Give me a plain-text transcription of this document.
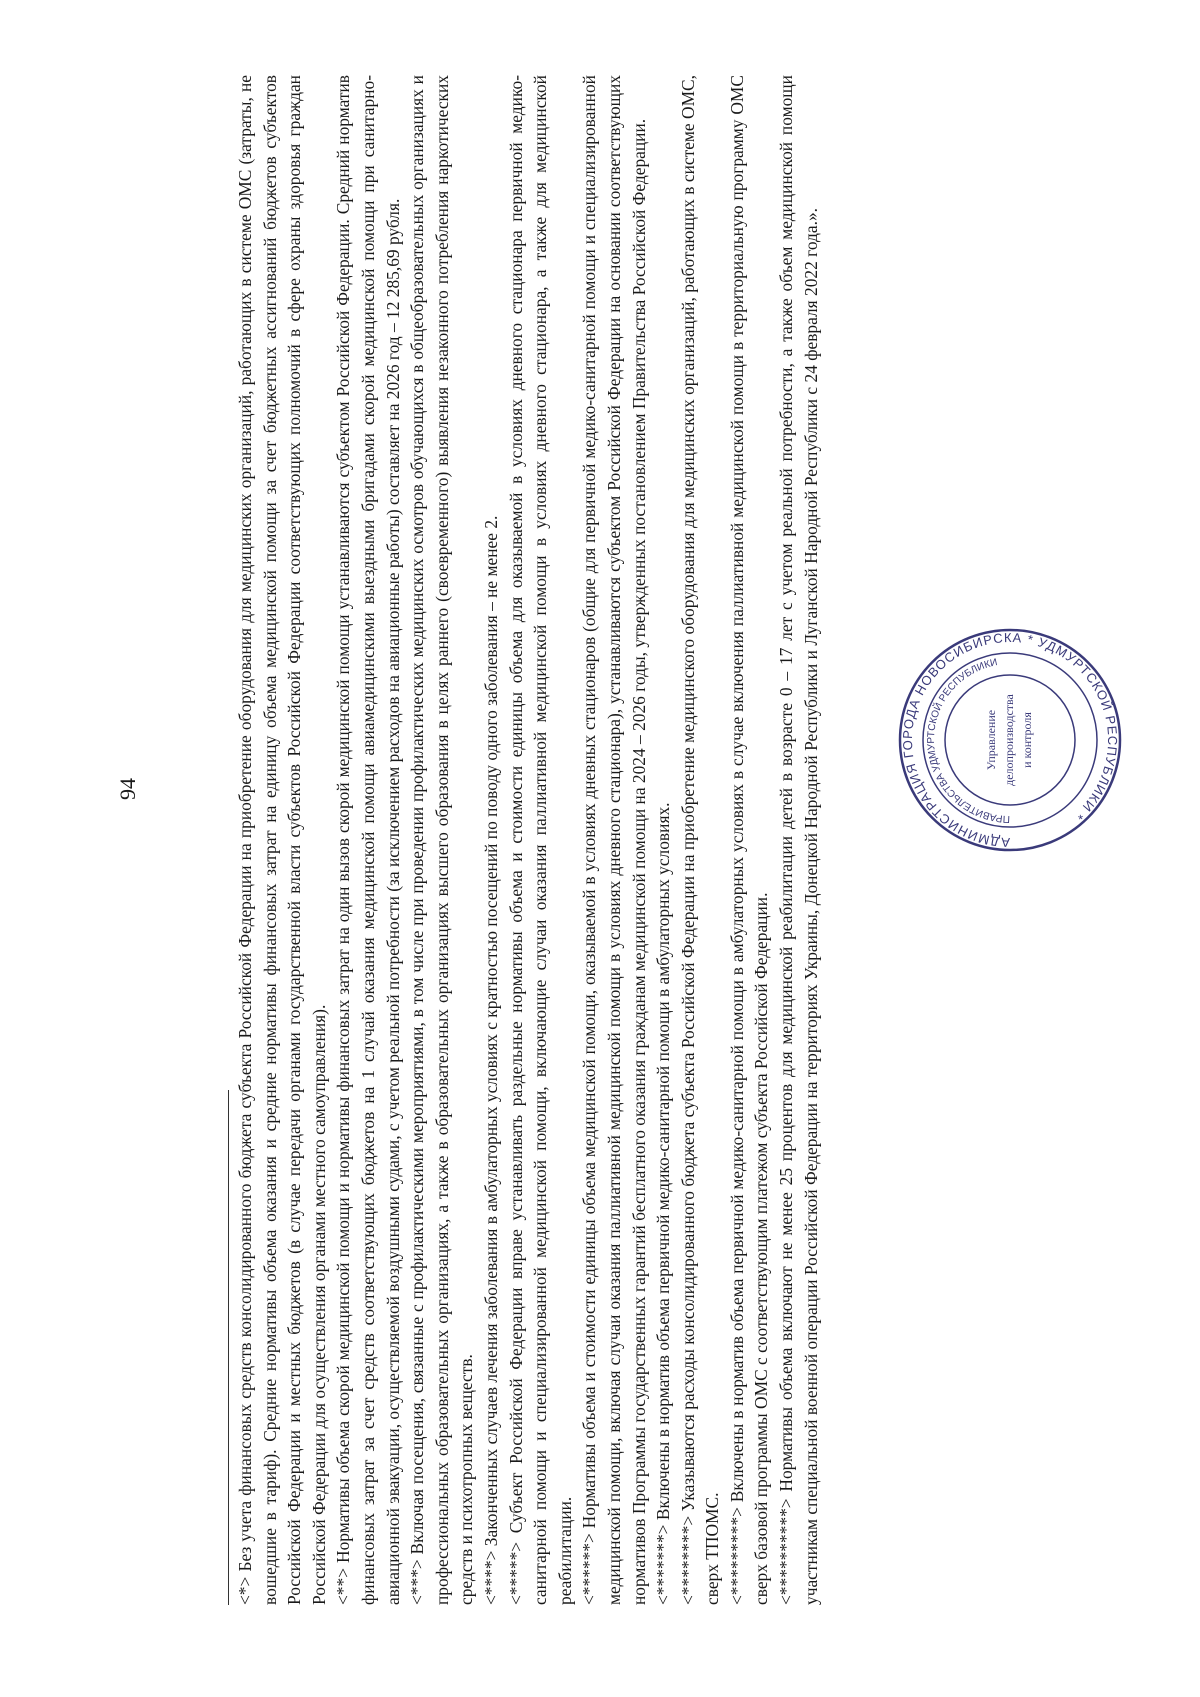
94

<*> Без учета финансовых средств консолидированного бюджета субъекта Российской Федерации на приобретение оборудования для медицинских организаций, работающих в системе ОМС (затраты, не вошедшие в тариф). Средние нормативы объема оказания и средние нормативы финансовых затрат на единицу объема медицинской помощи за счет бюджетных ассигнований бюджетов субъектов Российской Федерации и местных бюджетов (в случае передачи органами государственной власти субъектов Российской Федерации соответствующих полномочий в сфере охраны здоровья граждан Российской Федерации для осуществления органами местного самоуправления). <**> Нормативы объема скорой медицинской помощи и нормативы финансовых затрат на один вызов скорой медицинской помощи устанавливаются субъектом Российской Федерации. Средний норматив финансовых затрат за счет средств соответствующих бюджетов на 1 случай оказания медицинской помощи авиамедицинскими выездными бригадами скорой медицинской помощи при санитарно-авиационной эвакуации, осуществляемой воздушными судами, с учетом реальной потребности (за исключением расходов на авиационные работы) составляет на 2026 год – 12 285,69 рубля. <***> Включая посещения, связанные с профилактическими мероприятиями, в том числе при проведении профилактических медицинских осмотров обучающихся в общеобразовательных организациях и профессиональных образовательных организациях, а также в образовательных организациях высшего образования в целях раннего (своевременного) выявления незаконного потребления наркотических средств и психотропных веществ. <****> Законченных случаев лечения заболевания в амбулаторных условиях с кратностью посещений по поводу одного заболевания – не менее 2.

<*****> Субъект Российской Федерации вправе устанавливать раздельные нормативы объема и стоимости единицы объема для оказываемой в условиях дневного стационара первичной медико-санитарной помощи и специализированной медицинской помощи, включающие случаи оказания паллиативной медицинской помощи в условиях дневного стационара, а также для медицинской реабилитации. <******> Нормативы объема и стоимости единицы объема медицинской помощи, оказываемой в условиях дневных стационаров (общие для первичной медико-санитарной помощи и специализированной медицинской помощи, включая случаи оказания паллиативной медицинской помощи в условиях дневного стационара), устанавливаются субъектом Российской Федерации на основании соответствующих нормативов Программы государственных гарантий бесплатного оказания гражданам медицинской помощи на 2024 – 2026 годы, утвержденных постановлением Правительства Российской Федерации. <*******> Включены в норматив объема первичной медико-санитарной помощи в амбулаторных условиях.

<********> Указываются расходы консолидированного бюджета субъекта Российской Федерации на приобретение медицинского оборудования для медицинских организаций, работающих в системе ОМС, сверх ТПОМС. <*********> Включены в норматив объема первичной медико-санитарной помощи в амбулаторных условиях в случае включения паллиативной медицинской помощи в территориальную программу ОМС сверх базовой программы ОМС с соответствующим платежом субъекта Российской Федерации. <**********> Нормативы объема включают не менее 25 процентов для медицинской реабилитации детей в возрасте 0 – 17 лет с учетом реальной потребности, а также объем медицинской помощи участникам специальной военной операции Российской Федерации на территориях Украины, Донецкой Народной Республики и Луганской Народной Республики с 24 февраля 2022 года.».	АДМИНИСТРАЦИЯ ГОРОДА НОВОСИБИРСКА * УДМУРТСКОЙ РЕСПУБЛИКИ *
ПРАВИТЕЛЬСТВА УДМУРТСКОЙ РЕСПУБЛИКИ
Управление делопроизводства и контроля
